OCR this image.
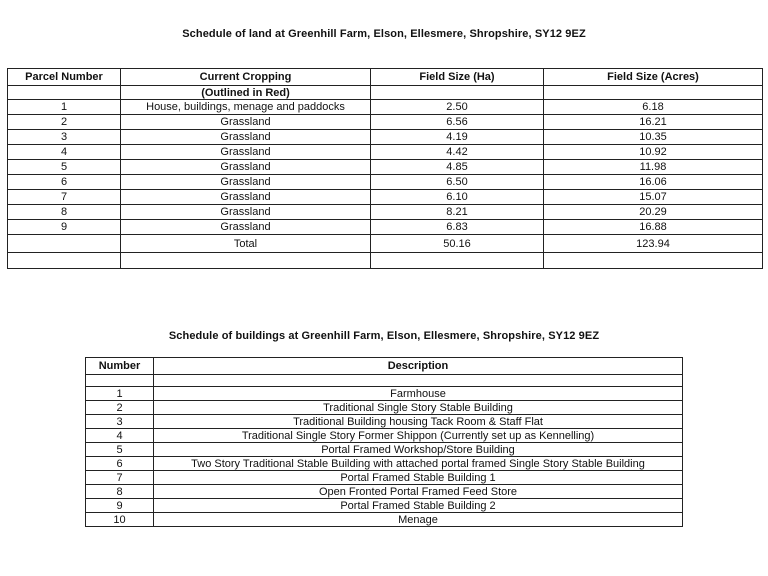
Schedule of land at Greenhill Farm, Elson, Ellesmere, Shropshire, SY12 9EZ
Parcel Number	Current Cropping	Field Size (Ha)	Field Size (Acres)
	(Outlined in Red)		
1	House, buildings, menage and paddocks	2.50	6.18
2	Grassland	6.56	16.21
3	Grassland	4.19	10.35
4	Grassland	4.42	10.92
5	Grassland	4.85	11.98
6	Grassland	6.50	16.06
7	Grassland	6.10	15.07
8	Grassland	8.21	20.29
9	Grassland	6.83	16.88
	Total	50.16	123.94

Schedule of buildings at Greenhill Farm, Elson, Ellesmere, Shropshire, SY12 9EZ
Number	Description

1	Farmhouse
2	Traditional Single Story Stable Building
3	Traditional Building housing Tack Room & Staff Flat
4	Traditional Single Story Former Shippon (Currently set up as Kennelling)
5	Portal Framed Workshop/Store Building
6	Two Story Traditional Stable Building with attached portal framed Single Story Stable Building
7	Portal Framed Stable Building 1
8	Open Fronted Portal Framed Feed Store
9	Portal Framed Stable Building 2
10	Menage
